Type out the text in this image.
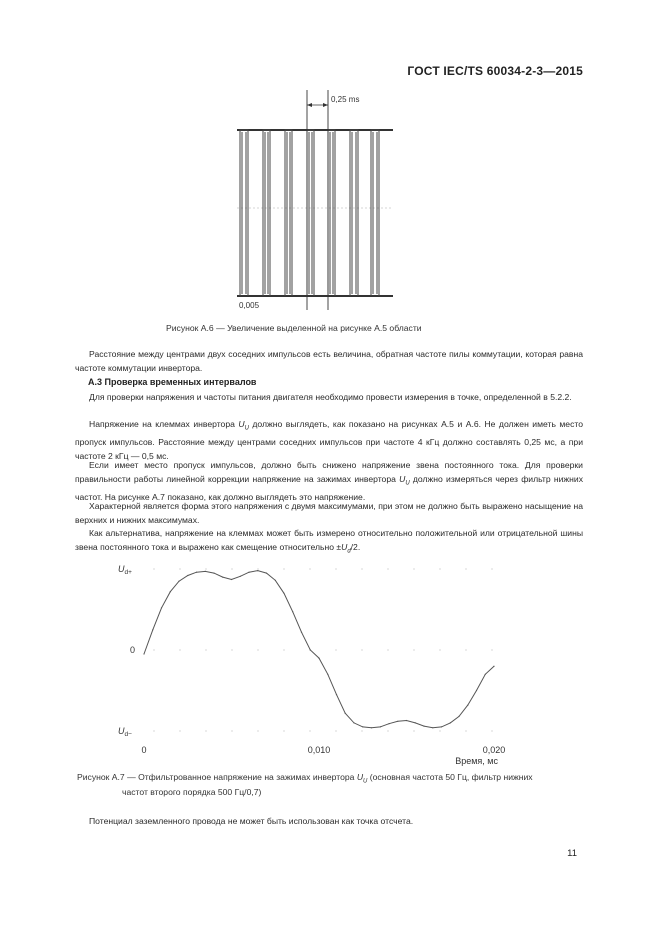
ГОСТ IEC/TS 60034-2-3—2015
0,25 ms
0,005
Рисунок А.6 — Увеличение выделенной на рисунке А.5 области
Расстояние между центрами двух соседних импульсов есть величина, обратная частоте пилы коммутации, которая равна частоте коммутации инвертора.
А.3 Проверка временных интервалов
Для проверки напряжения и частоты питания двигателя необходимо провести измерения в точке, определенной в 5.2.2.
Напряжение на клеммах инвертора $U_U$ должно выглядеть, как показано на рисунках А.5 и А.6. Не должен иметь место пропуск импульсов. Расстояние между центрами соседних импульсов при частоте 4 кГц должно составлять 0,25 мс, а при частоте 2 кГц — 0,5 мс.
Если имеет место пропуск импульсов, должно быть снижено напряжение звена постоянного тока. Для проверки правильности работы линейной коррекции напряжение на зажимах инвертора $U_U$ должно измеряться через фильтр нижних частот. На рисунке А.7 показано, как должно выглядеть это напряжение.
Характерной является форма этого напряжения с двумя максимумами, при этом не должно быть выражено насыщение на верхних и нижних максимумах.
Как альтернатива, напряжение на клеммах может быть измерено относительно положительной или отрицательной шины звена постоянного тока и выражено как смещение относительно $\pm U_d/2$.
0	0,010	0,020
$U_{d+}$
0
$U_{d-}$
Время, мс
Рисунок А.7 — Отфильтрованное напряжение на зажимах инвертора $U_U$ (основная частота 50 Гц, фильтр нижних
частот второго порядка 500 Гц/0,7)
Потенциал заземленного провода не может быть использован как точка отсчета.
11
